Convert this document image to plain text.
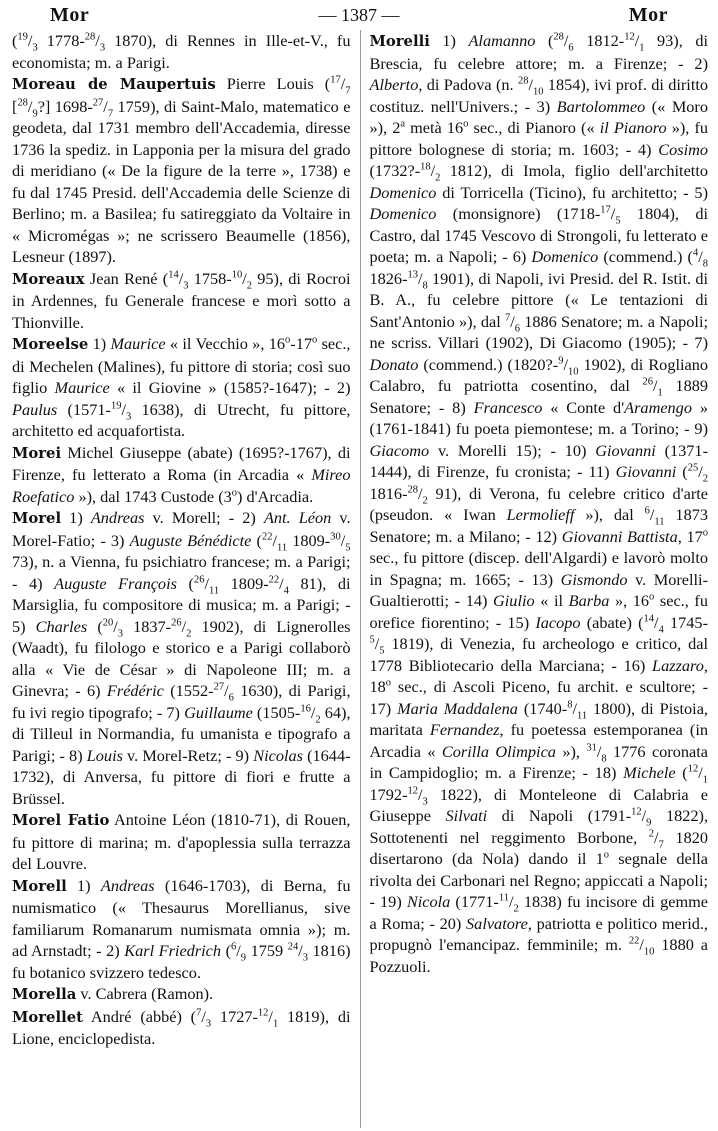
Mor	— 1387 —	Mor

($^{19}/_3$ $1778-^{28}/_3$ 1870), di Rennes in Ille-et-V., fu economista; m. a Parigi.

Moreau de Maupertuis Pierre Louis ($^{17}/_7$ $[^{28}/_9?]$ $1698-^{27}/_7$ 1759), di Saint-Malo, matematico e geodeta, dal 1731 membro dell'Accademia, diresse 1736 la spediz. in Lapponia per la misura del grado di meridiano (« De la figure de la terre », 1738) e fu dal 1745 Presid. dell'Accademia delle Scienze di Berlino; m. a Basilea; fu satireggiato da Voltaire in « Micromégas »; ne scrissero Beaumelle (1856), Lesneur (1897).

Moreaux Jean René ($^{14}/_3$ $1758-^{10}/_2$ 95), di Rocroi in Ardennes, fu Generale francese e morì sotto a Thionville.

Moreelse 1) Maurice « il Vecchio », 16$^o$-17$^o$ sec., di Mechelen (Malines), fu pittore di storia; così suo figlio Maurice « il Giovine » (1585?-1647); - 2) Paulus ($1571-^{19}/_3$ 1638), di Utrecht, fu pittore, architetto ed acquafortista.

Morei Michel Giuseppe (abate) (1695?-1767), di Firenze, fu letterato a Roma (in Arcadia « Mireo Roefatico »), dal 1743 Custode (3$^o$) d'Arcadia.

Morel 1) Andreas v. Morell; - 2) Ant. Léon v. Morel-Fatio; - 3) Auguste Bénédicte ($^{22}/_{11}$ $1809-^{30}/_5$ 73), n. a Vienna, fu psichiatro francese; m. a Parigi; - 4) Auguste François ($^{26}/_{11}$ $1809-^{22}/_4$ 81), di Marsiglia, fu compositore di musica; m. a Parigi; - 5) Charles ($^{20}/_3$ $1837-^{26}/_2$ 1902), di Lignerolles (Waadt), fu filologo e storico e a Parigi collaborò alla « Vie de César » di Napoleone III; m. a Ginevra; - 6) Frédéric ($1552-^{27}/_6$ 1630), di Parigi, fu ivi regio tipografo; - 7) Guillaume ($1505-^{16}/_2$ 64), di Tilleul in Normandia, fu umanista e tipografo a Parigi; - 8) Louis v. Morel-Retz; - 9) Nicolas (1644-1732), di Anversa, fu pittore di fiori e frutte a Brüssel.

Morel Fatio Antoine Léon (1810-71), di Rouen, fu pittore di marina; m. d'apoplessia sulla terrazza del Louvre.

Morell 1) Andreas (1646-1703), di Berna, fu numismatico (« Thesaurus Morellianus, sive familiarum Romanarum numismata omnia »); m. ad Arnstadt; - 2) Karl Friedrich ($^6/_9$ 1759 $^{24}/_3$ 1816) fu botanico svizzero tedesco.

Morella v. Cabrera (Ramon).

Morellet André (abbé) ($^7/_3$ $1727-^{12}/_1$ 1819), di Lione, enciclopedista.

Morelli 1) Alamanno ($^{28}/_6$ $1812-^{12}/_1$ 93), di Brescia, fu celebre attore; m. a Firenze; - 2) Alberto, di Padova (n. $^{28}/_{10}$ 1854), ivi prof. di diritto costituz. nell'Univers.; - 3) Bartolommeo (« Moro »), 2$^a$ metà 16$^o$ sec., di Pianoro (« il Pianoro »), fu pittore bolognese di storia; m. 1603; - 4) Cosimo ($1732?-^{18}/_2$ 1812), di Imola, figlio dell'architetto Domenico di Torricella (Ticino), fu architetto; - 5) Domenico (monsignore) ($1718-^{17}/_5$ 1804), di Castro, dal 1745 Vescovo di Strongoli, fu letterato e poeta; m. a Napoli; - 6) Domenico (commend.) ($^4/_8$ $1826-^{13}/_8$ 1901), di Napoli, ivi Presid. del R. Istit. di B. A., fu celebre pittore (« Le tentazioni di Sant'Antonio »), dal $^7/_6$ 1886 Senatore; m. a Napoli; ne scriss. Villari (1902), Di Giacomo (1905); - 7) Donato (commend.) ($1820?-^9/_{10}$ 1902), di Rogliano Calabro, fu patriotta cosentino, dal $^{26}/_1$ 1889 Senatore; - 8) Francesco « Conte d'Aramengo » (1761-1841) fu poeta piemontese; m. a Torino; - 9) Giacomo v. Morelli 15); - 10) Giovanni (1371-1444), di Firenze, fu cronista; - 11) Giovanni ($^{25}/_2$ $1816-^{28}/_2$ 91), di Verona, fu celebre critico d'arte (pseudon. « Iwan Lermolieff »), dal $^6/_{11}$ 1873 Senatore; m. a Milano; - 12) Giovanni Battista, 17$^o$ sec., fu pittore (discep. dell'Algardi) e lavorò molto in Spagna; m. 1665; - 13) Gismondo v. Morelli-Gualtierotti; - 14) Giulio « il Barba », 16$^o$ sec., fu orefice fiorentino; - 15) Iacopo (abate) ($^{14}/_4$ $1745-^5/_5$ 1819), di Venezia, fu archeologo e critico, dal 1778 Bibliotecario della Marciana; - 16) Lazzaro, 18$^o$ sec., di Ascoli Piceno, fu archit. e scultore; - 17) Maria Maddalena ($1740-^8/_{11}$ 1800), di Pistoia, maritata Fernandez, fu poetessa estemporanea (in Arcadia « Corilla Olimpica »), $^{31}/_8$ 1776 coronata in Campidoglio; m. a Firenze; - 18) Michele ($^{12}/_1$ $1792-^{12}/_3$ 1822), di Monteleone di Calabria e Giuseppe Silvati di Napoli ($1791-^{12}/_9$ 1822), Sottotenenti nel reggimento Borbone, $^2/_7$ 1820 disertarono (da Nola) dando il 1$^o$ segnale della rivolta dei Carbonari nel Regno; appiccati a Napoli; - 19) Nicola ($1771-^{11}/_2$ 1838) fu incisore di gemme a Roma; - 20) Salvatore, patriotta e politico merid., propugnò l'emancipaz. femminile; m. $^{22}/_{10}$ 1880 a Pozzuoli.
